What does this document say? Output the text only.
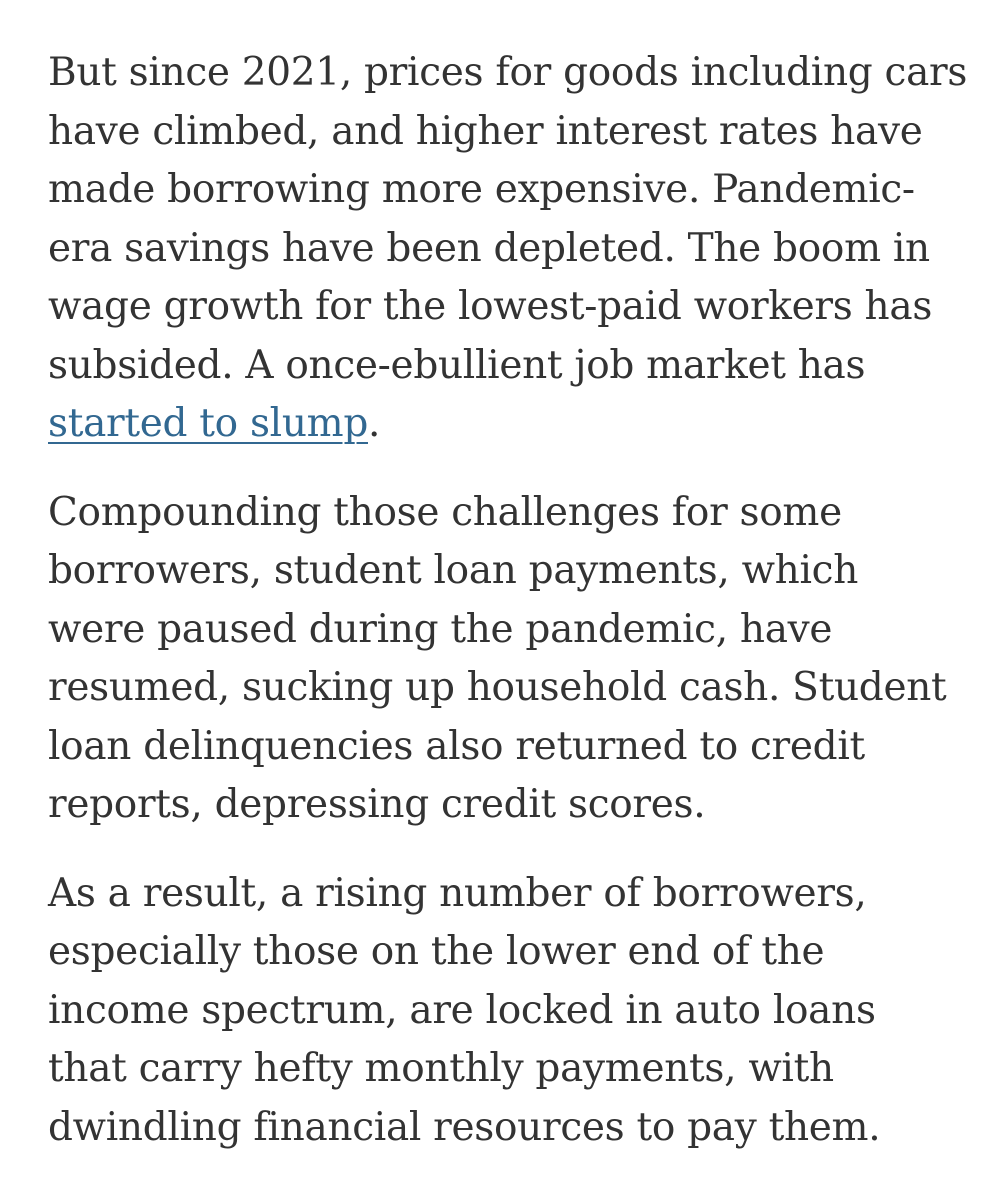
But since 2021, prices for goods including cars
have climbed, and higher interest rates have
made borrowing more expensive. Pandemic-
era savings have been depleted. The boom in
wage growth for the lowest-paid workers has
subsided. A once-ebullient job market has
started to slump.

Compounding those challenges for some
borrowers, student loan payments, which
were paused during the pandemic, have
resumed, sucking up household cash. Student
loan delinquencies also returned to credit
reports, depressing credit scores.

As a result, a rising number of borrowers,
especially those on the lower end of the
income spectrum, are locked in auto loans
that carry hefty monthly payments, with
dwindling financial resources to pay them.
